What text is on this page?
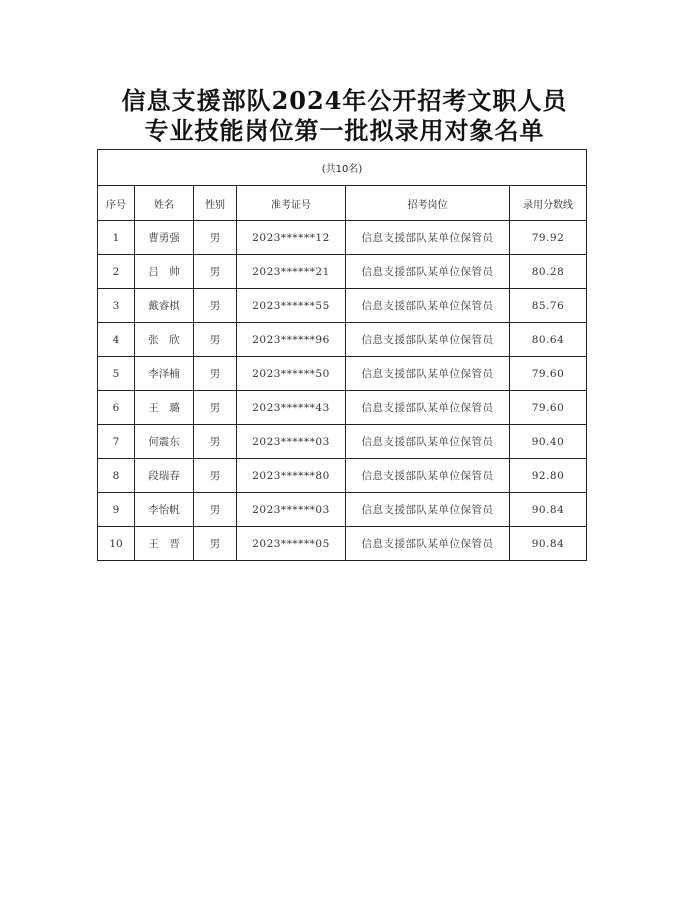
信息支援部队2024年公开招考文职人员
专业技能岗位第一批拟录用对象名单
(共10名)					
序号	姓名	性别	准考证号	招考岗位	录用分数线
1	曹勇强	男	2023******12	信息支援部队某单位保管员	79.92
2	吕　帅	男	2023******21	信息支援部队某单位保管员	80.28
3	戴睿棋	男	2023******55	信息支援部队某单位保管员	85.76
4	张　欣	男	2023******96	信息支援部队某单位保管员	80.64
5	李泽楠	男	2023******50	信息支援部队某单位保管员	79.60
6	王　璐	男	2023******43	信息支援部队某单位保管员	79.60
7	何震东	男	2023******03	信息支援部队某单位保管员	90.40
8	段瑞春	男	2023******80	信息支援部队某单位保管员	92.80
9	李怡帆	男	2023******03	信息支援部队某单位保管员	90.84
10	王　晋	男	2023******05	信息支援部队某单位保管员	90.84
